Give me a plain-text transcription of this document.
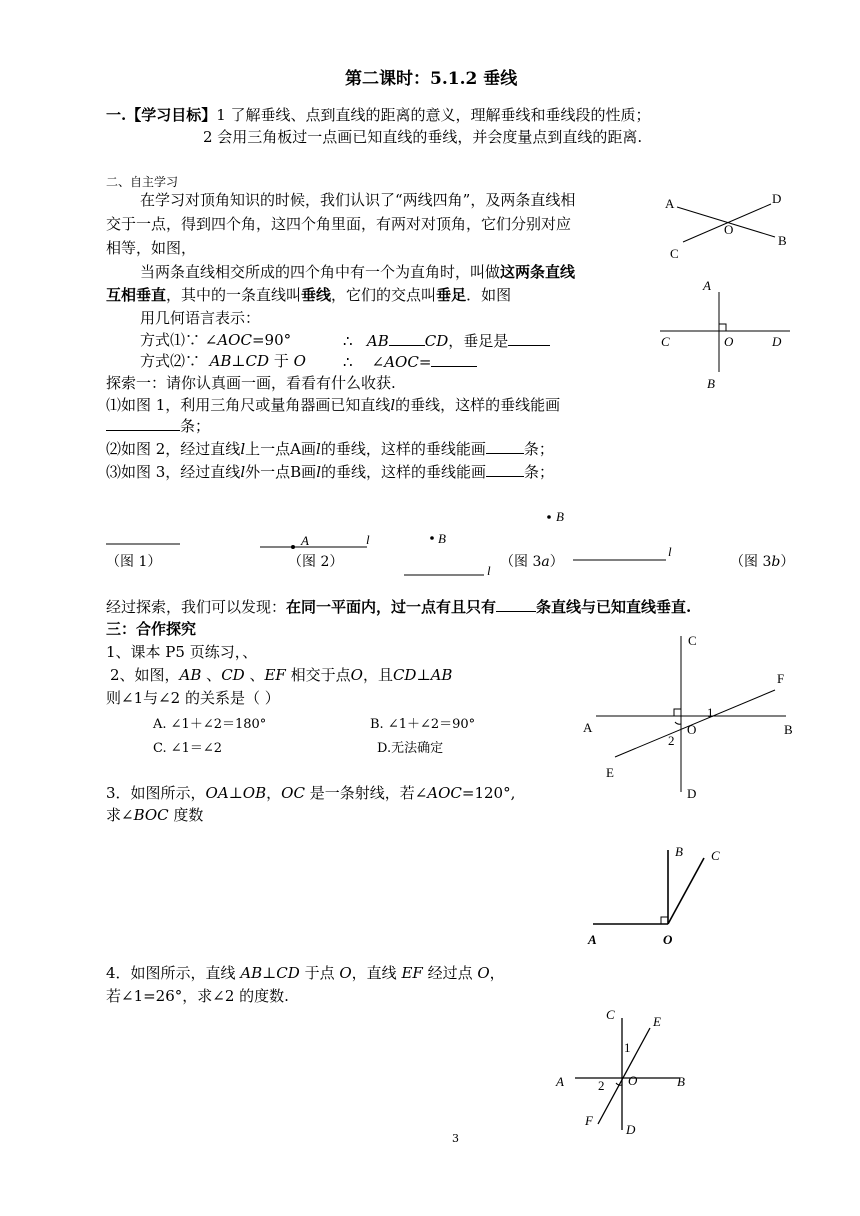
第二课时：5.1.2 垂线
一.【学习目标】1 了解垂线、点到直线的距离的意义，理解垂线和垂线段的性质；
2 会用三角板过一点画已知直线的垂线，并会度量点到直线的距离.
二、自主学习
在学习对顶角知识的时候，我们认识了“两线四角”，及两条直线相
交于一点，得到四个角，这四个角里面，有两对对顶角，它们分别对应
相等，如图，
当两条直线相交所成的四个角中有一个为直角时，叫做这两条直线
互相垂直，其中的一条直线叫垂线，它们的交点叫垂足．如图
用几何语言表示：
方式⑴∵ ∠AOC=90°	∴ AB CD，垂足是
方式⑵∵ AB⊥CD 于 O ∴ ∠AOC=
探索一：请你认真画一画，看看有什么收获.
⑴如图 1，利用三角尺或量角器画已知直线l的垂线，这样的垂线能画
条；
⑵如图 2，经过直线l上一点A画l的垂线，这样的垂线能画	条；
⑶如图 3，经过直线l外一点B画l的垂线，这样的垂线能画	条；
（图 1）	（图 2）	（图 3a）	（图 3b）
经过探索，我们可以发现：在同一平面内，过一点有且只有	条直线与已知直线垂直.
三：合作探究
1、课本 P5 页练习，、
2、如图，AB 、CD 、EF 相交于点O，且CD⊥AB
则∠1与∠2 的关系是（ ）
A. ∠1＋∠2＝180°	B. ∠1＋∠2＝90°
C. ∠1＝∠2	D.无法确定
3．如图所示，OA⊥OB，OC 是一条射线，若∠AOC=120°,
求∠BOC 度数
4．如图所示，直线 AB⊥CD 于点 O，直线 EF 经过点 O，
若∠1=26°，求∠2 的度数.
3
A	D
O
B
C
A
C	O	D
B
A	l	B
l
B
l
C
F
A	O	B
1
2
E
D
B C
A	O
C	E
1
A	2 O	B
F
D
